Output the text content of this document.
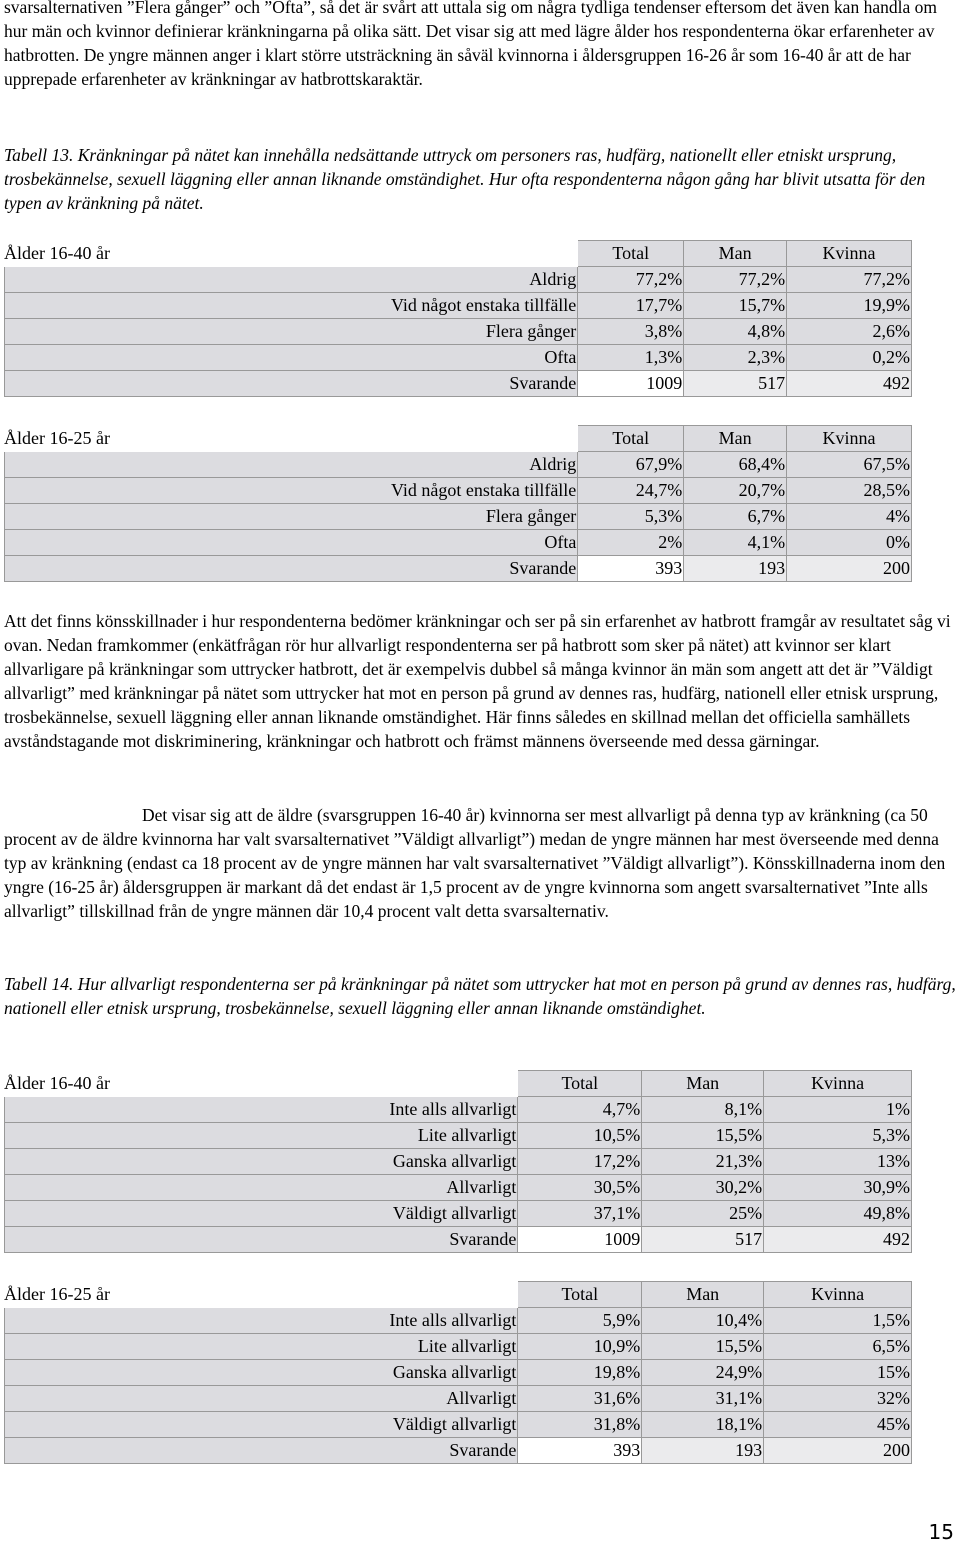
svarsalternativen ”Flera gånger” och ”Ofta”, så det är svårt att uttala sig om några tydliga tendenser eftersom det även kan handla om hur män och kvinnor definierar kränkningarna på olika sätt. Det visar sig att med lägre ålder hos respondenterna ökar erfarenheter av hatbrotten. De yngre männen anger i klart större utsträckning än såväl kvinnorna i åldersgruppen 16-26 år som 16-40 år att de har upprepade erfarenheter av kränkningar av hatbrottskaraktär.

Tabell 13. Kränkningar på nätet kan innehålla nedsättande uttryck om personers ras, hudfärg, nationellt eller etniskt ursprung, trosbekännelse, sexuell läggning eller annan liknande omständighet. Hur ofta respondenterna någon gång har blivit utsatta för den typen av kränkning på nätet.

Ålder 16-40 år
		Total	Man	Kvinna
Aldrig	77,2%	77,2%	77,2%
Vid något enstaka tillfälle	17,7%	15,7%	19,9%
Flera gånger	3,8%	4,8%	2,6%
Ofta	1,3%	2,3%	0,2%
Svarande	1009	517	492
Ålder 16-25 år
		Total	Man	Kvinna
Aldrig	67,9%	68,4%	67,5%
Vid något enstaka tillfälle	24,7%	20,7%	28,5%
Flera gånger	5,3%	6,7%	4%
Ofta	2%	4,1%	0%
Svarande	393	193	200

Att det finns könsskillnader i hur respondenterna bedömer kränkningar och ser på sin erfarenhet av hatbrott framgår av resultatet såg vi ovan. Nedan framkommer (enkätfrågan rör hur allvarligt respondenterna ser på hatbrott som sker på nätet) att kvinnor ser klart allvarligare på kränkningar som uttrycker hatbrott, det är exempelvis dubbel så många kvinnor än män som angett att det är ”Väldigt allvarligt” med kränkningar på nätet som uttrycker hat mot en person på grund av dennes ras, hudfärg, nationell eller etnisk ursprung, trosbekännelse, sexuell läggning eller annan liknande omständighet. Här finns således en skillnad mellan det officiella samhällets avståndstagande mot diskriminering, kränkningar och hatbrott och främst männens överseende med dessa gärningar.

Det visar sig att de äldre (svarsgruppen 16-40 år) kvinnorna ser mest allvarligt på denna typ av kränkning (ca 50 procent av de äldre kvinnorna har valt svarsalternativet ”Väldigt allvarligt”) medan de yngre männen har mest överseende med denna typ av kränkning (endast ca 18 procent av de yngre männen har valt svarsalternativet ”Väldigt allvarligt”). Könsskillnaderna inom den yngre (16-25 år) åldersgruppen är markant då det endast är 1,5 procent av de yngre kvinnorna som angett svarsalternativet ”Inte alls allvarligt” tillskillnad från de yngre männen där 10,4 procent valt detta svarsalternativ.

Tabell 14. Hur allvarligt respondenterna ser på kränkningar på nätet som uttrycker hat mot en person på grund av dennes ras, hudfärg, nationell eller etnisk ursprung, trosbekännelse, sexuell läggning eller annan liknande omständighet.

Ålder 16-40 år
		Total	Man	Kvinna
Inte alls allvarligt	4,7%	8,1%	1%
Lite allvarligt	10,5%	15,5%	5,3%
Ganska allvarligt	17,2%	21,3%	13%
Allvarligt	30,5%	30,2%	30,9%
Väldigt allvarligt	37,1%	25%	49,8%
Svarande	1009	517	492
Ålder 16-25 år
		Total	Man	Kvinna
Inte alls allvarligt	5,9%	10,4%	1,5%
Lite allvarligt	10,9%	15,5%	6,5%
Ganska allvarligt	19,8%	24,9%	15%
Allvarligt	31,6%	31,1%	32%
Väldigt allvarligt	31,8%	18,1%	45%
Svarande	393	193	200
15
